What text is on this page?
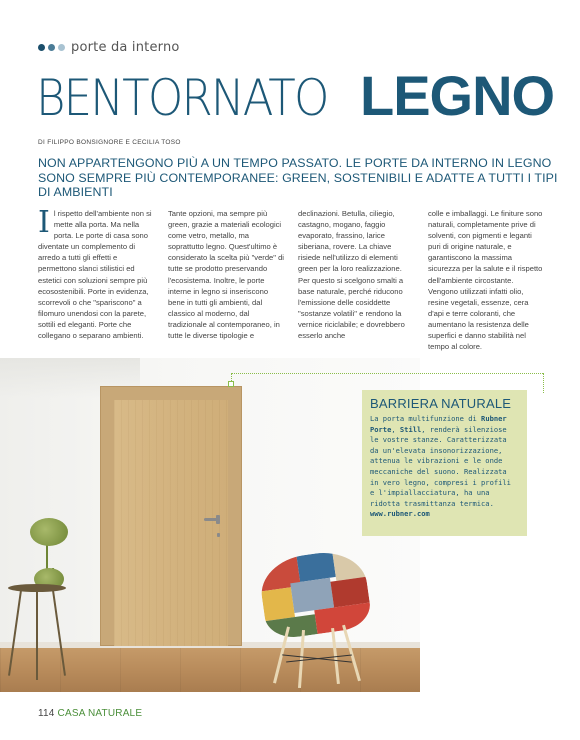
porte da interno
BENTORNATO LEGNO
DI FILIPPO BONSIGNORE E CECILIA TOSO
NON APPARTENGONO PIÙ A UN TEMPO PASSATO. LE PORTE DA INTERNO IN LEGNO SONO SEMPRE PIÙ CONTEMPORANEE: GREEN, SOSTENIBILI E ADATTE A TUTTI I TIPI DI AMBIENTI
I l rispetto dell'ambiente non si mette alla porta. Ma nella porta. Le porte di casa sono diventate un complemento di arredo a tutti gli effetti e permettono slanci stilistici ed estetici con soluzioni sempre più ecosostenibili. Porte in evidenza, scorrevoli o che "spariscono" a filomuro unendosi con la parete, sottili ed eleganti. Porte che collegano o separano ambienti.
Tante opzioni, ma sempre più green, grazie a materiali ecologici come vetro, metallo, ma soprattutto legno. Quest'ultimo è considerato la scelta più "verde" di tutte se prodotto preservando l'ecosistema. Inoltre, le porte interne in legno si inseriscono bene in tutti gli ambienti, dal classico al moderno, dal tradizionale al contemporaneo, in tutte le diverse tipologie e
declinazioni. Betulla, ciliegio, castagno, mogano, faggio evaporato, frassino, larice siberiana, rovere. La chiave risiede nell'utilizzo di elementi green per la loro realizzazione. Per questo si scelgono smalti a base naturale, perché riducono l'emissione delle cosiddette "sostanze volatili" e rendono la vernice riciclabile; e dovrebbero esserlo anche
colle e imballaggi. Le finiture sono naturali, completamente prive di solventi, con pigmenti e leganti puri di origine naturale, e garantiscono la massima sicurezza per la salute e il rispetto dell'ambiente circostante. Vengono utilizzati infatti olio, resine vegetali, essenze, cera d'api e terre coloranti, che aumentano la resistenza delle superfici e danno stabilità nel tempo al colore.
BARRIERA NATURALE
La porta multifunzione di Rubner Porte, Still, renderà silenziose le vostre stanze. Caratterizzata da un'elevata insonorizzazione, attenua le vibrazioni e le onde meccaniche del suono. Realizzata in vero legno, compresi i profili e l'impiallacciatura, ha una ridotta trasmittanza termica.
www.rubner.com
114 CASA NATURALE
